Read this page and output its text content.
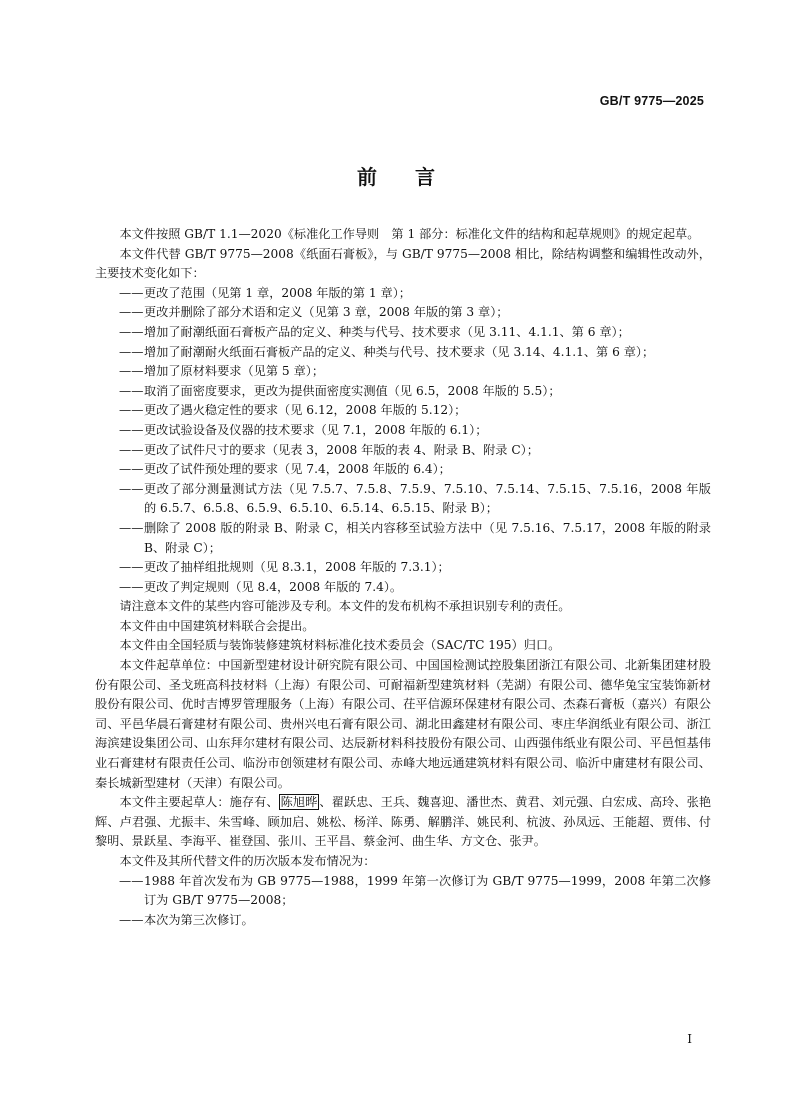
GB/T 9775—2025
前 言

本文件按照 GB/T 1.1—2020《标准化工作导则　第 1 部分：标准化文件的结构和起草规则》的规定起草。

本文件代替 GB/T 9775—2008《纸面石膏板》，与 GB/T 9775—2008 相比，除结构调整和编辑性改动外，主要技术变化如下：

—— 更改了范围（见第 1 章，2008 年版的第 1 章）；

—— 更改并删除了部分术语和定义（见第 3 章，2008 年版的第 3 章）；

—— 增加了耐潮纸面石膏板产品的定义、种类与代号、技术要求（见 3.11、4.1.1、第 6 章）；

—— 增加了耐潮耐火纸面石膏板产品的定义、种类与代号、技术要求（见 3.14、4.1.1、第 6 章）；

—— 增加了原材料要求（见第 5 章）；

—— 取消了面密度要求，更改为提供面密度实测值（见 6.5，2008 年版的 5.5）；

—— 更改了遇火稳定性的要求（见 6.12，2008 年版的 5.12）；

—— 更改试验设备及仪器的技术要求（见 7.1，2008 年版的 6.1）；

—— 更改了试件尺寸的要求（见表 3，2008 年版的表 4、附录 B、附录 C）；

—— 更改了试件预处理的要求（见 7.4，2008 年版的 6.4）；

—— 更改了部分测量测试方法（见 7.5.7、7.5.8、7.5.9、7.5.10、7.5.14、7.5.15、7.5.16，2008 年版的 6.5.7、6.5.8、6.5.9、6.5.10、6.5.14、6.5.15、附录 B）；

—— 删除了 2008 版的附录 B、附录 C，相关内容移至试验方法中（见 7.5.16、7.5.17，2008 年版的附录 B、附录 C）；

—— 更改了抽样组批规则（见 8.3.1，2008 年版的 7.3.1）；

—— 更改了判定规则（见 8.4，2008 年版的 7.4）。

请注意本文件的某些内容可能涉及专利。本文件的发布机构不承担识别专利的责任。

本文件由中国建筑材料联合会提出。

本文件由全国轻质与装饰装修建筑材料标准化技术委员会（SAC/TC 195）归口。

本文件起草单位：中国新型建材设计研究院有限公司、中国国检测试控股集团浙江有限公司、北新集团建材股份有限公司、圣戈班高科技材料（上海）有限公司、可耐福新型建筑材料（芜湖）有限公司、德华兔宝宝装饰新材股份有限公司、优时吉博罗管理服务（上海）有限公司、茌平信源环保建材有限公司、杰森石膏板（嘉兴）有限公司、平邑华晨石膏建材有限公司、贵州兴电石膏有限公司、湖北田鑫建材有限公司、枣庄华润纸业有限公司、浙江海滨建设集团公司、山东拜尔建材有限公司、达辰新材料科技股份有限公司、山西强伟纸业有限公司、平邑恒基伟业石膏建材有限责任公司、临汾市创领建材有限公司、赤峰大地远通建筑材料有限公司、临沂中庸建材有限公司、秦长城新型建材（天津）有限公司。

本文件主要起草人：施存有、 陈旭晔 、翟跃忠、王兵、魏喜迎、潘世杰、黄君、刘元强、白宏成、高玲、张艳辉、卢君强、尤振丰、朱雪峰、顾加启、姚松、杨洋、陈勇、解鹏洋、姚民利、杭波、孙凤远、王能超、贾伟、付黎明、景跃星、李海平、崔登国、张川、王平昌、蔡金河、曲生华、方文仓、张尹。

本文件及其所代替文件的历次版本发布情况为：

—— 1988 年首次发布为 GB 9775—1988，1999 年第一次修订为 GB/T 9775—1999，2008 年第二次修订为 GB/T 9775—2008；

—— 本次为第三次修订。

I
